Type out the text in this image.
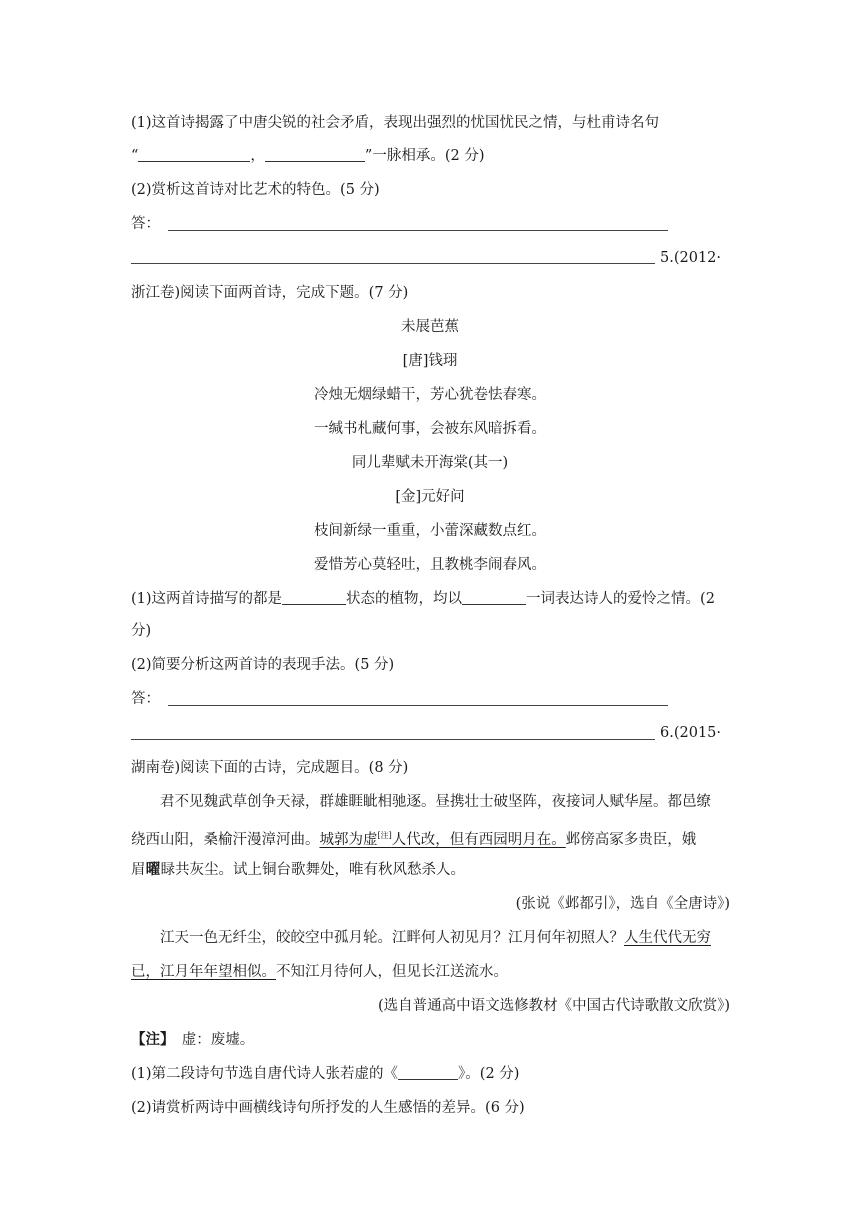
(1)这首诗揭露了中唐尖锐的社会矛盾，表现出强烈的忧国忧民之情，与杜甫诗名句
“	，	”一脉相承。(2 分)
(2)赏析这首诗对比艺术的特色。(5 分)
答：
5.(2012·
浙江卷)阅读下面两首诗，完成下题。(7 分)
未展芭蕉
[唐]钱珝
冷烛无烟绿蜡干，芳心犹卷怯春寒。
一缄书札藏何事，会被东风暗拆看。
同儿辈赋未开海棠(其一)
[金]元好问
枝间新绿一重重，小蕾深藏数点红。
爱惜芳心莫轻吐，且教桃李闹春风。
(1)这两首诗描写的都是	状态的植物，均以	一词表达诗人的爱怜之情。(2
分)
(2)简要分析这两首诗的表现手法。(5 分)
答：
6.(2015·
湖南卷)阅读下面的古诗，完成题目。(8 分)
君不见魏武草创争天禄，群雄睚眦相驰逐。昼携壮士破坚阵，夜接词人赋华屋。都邑缭
绕西山阳，桑榆汗漫漳河曲。城郭为虚[注]人代改，但有西园明月在。邺傍高冢多贵臣，娥
眉曜睩共灰尘。试上铜台歌舞处，唯有秋风愁杀人。
(张说《邺都引》，选自《全唐诗》)
江天一色无纤尘，皎皎空中孤月轮。江畔何人初见月？江月何年初照人？人生代代无穷
已，江月年年望相似。不知江月待何人，但见长江送流水。
(选自普通高中语文选修教材《中国古代诗歌散文欣赏》)
【注】　 虚：废墟。
(1)第二段诗句节选自唐代诗人张若虚的《	》。(2 分)
(2)请赏析两诗中画横线诗句所抒发的人生感悟的差异。(6 分)
